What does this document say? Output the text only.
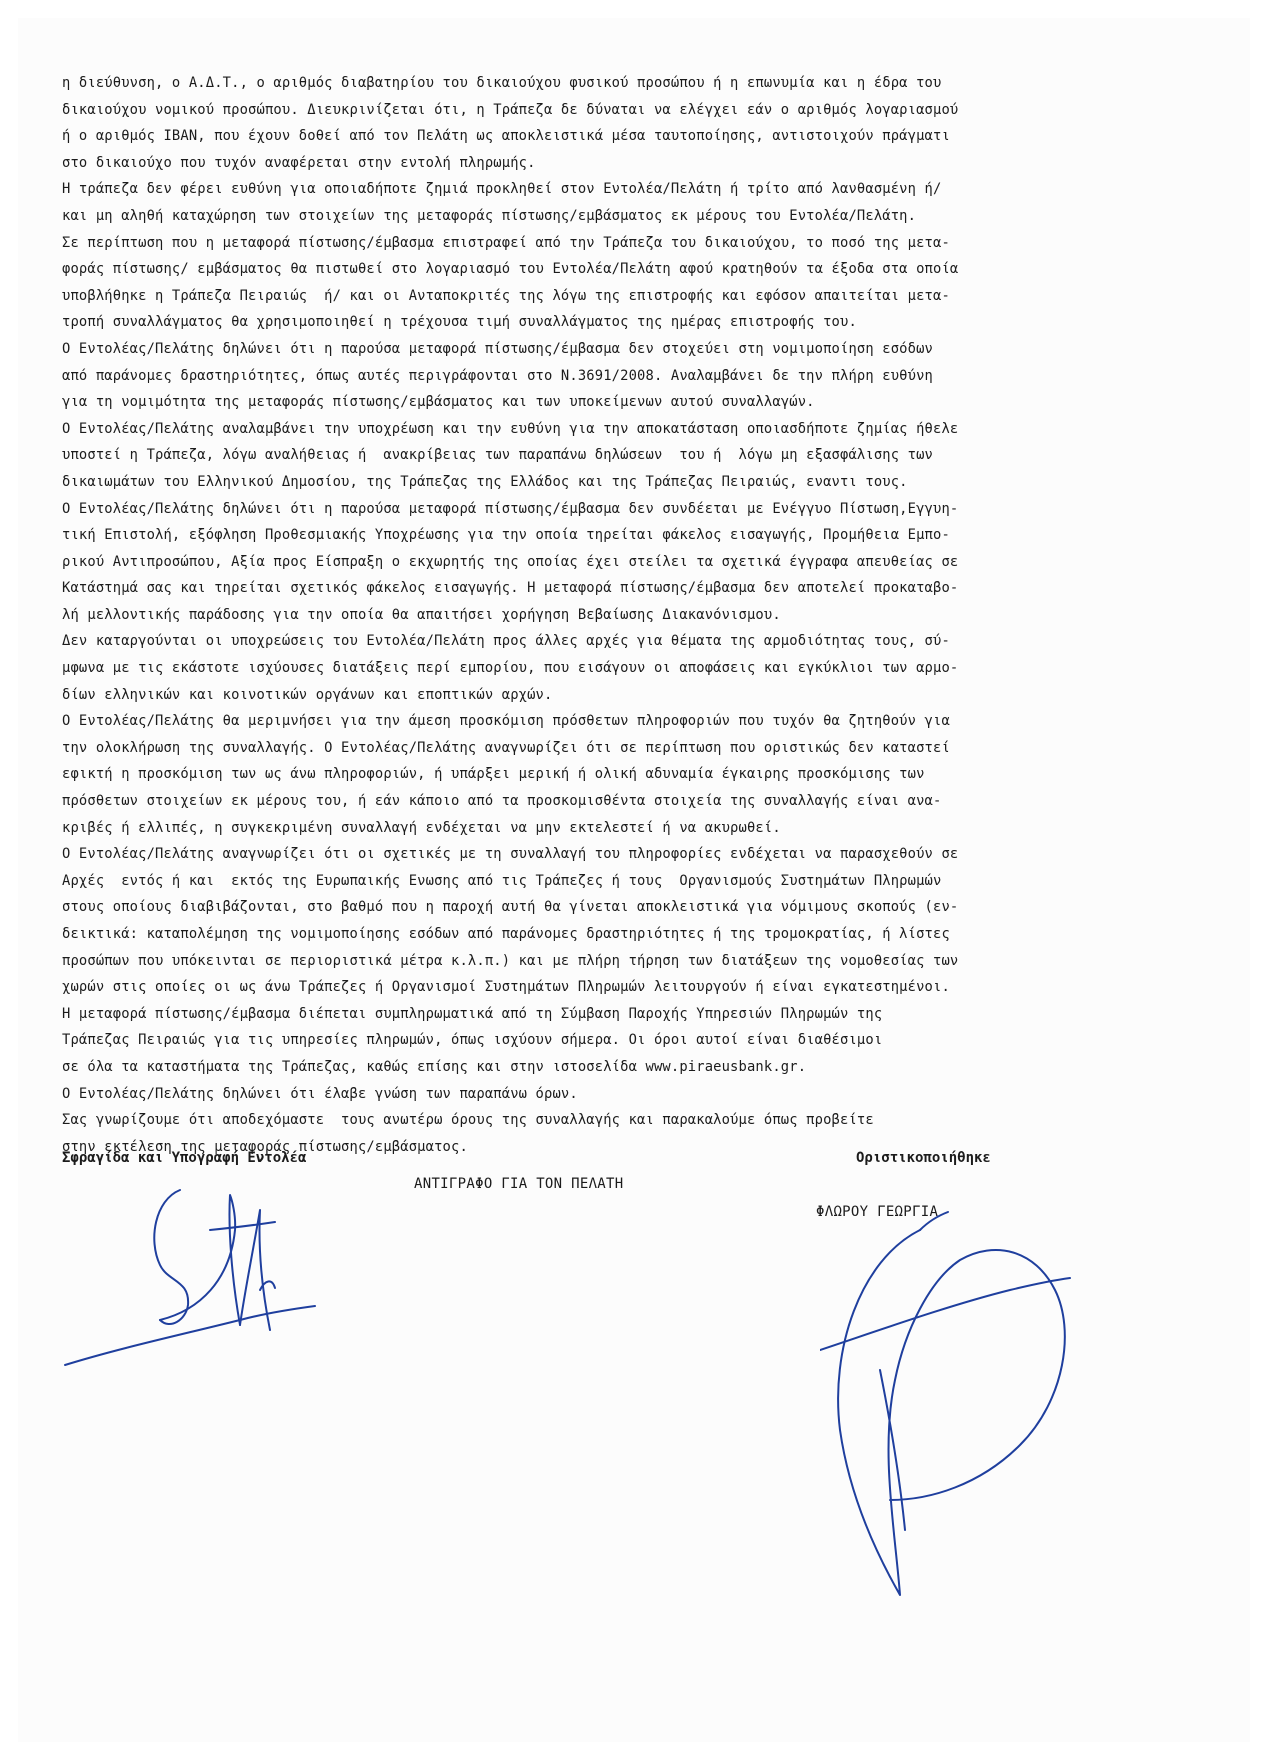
η διεύθυνση, ο Α.Δ.Τ., ο αριθμός διαβατηρίου του δικαιούχου φυσικού προσώπου ή η επωνυμία και η έδρα του
δικαιούχου νομικού προσώπου. Διευκρινίζεται ότι, η Τράπεζα δε δύναται να ελέγχει εάν ο αριθμός λογαριασμού
ή ο αριθμός IBAN, που έχουν δοθεί από τον Πελάτη ως αποκλειστικά μέσα ταυτοποίησης, αντιστοιχούν πράγματι
στο δικαιούχο που τυχόν αναφέρεται στην εντολή πληρωμής.
Η τράπεζα δεν φέρει ευθύνη για οποιαδήποτε ζημιά προκληθεί στον Εντολέα/Πελάτη ή τρίτο από λανθασμένη ή/
και μη αληθή καταχώρηση των στοιχείων της μεταφοράς πίστωσης/εμβάσματος εκ μέρους του Εντολέα/Πελάτη.
Σε περίπτωση που η μεταφορά πίστωσης/έμβασμα επιστραφεί από την Τράπεζα του δικαιούχου, το ποσό της μετα-
φοράς πίστωσης/ εμβάσματος θα πιστωθεί στο λογαριασμό του Εντολέα/Πελάτη αφού κρατηθούν τα έξοδα στα οποία
υποβλήθηκε η Τράπεζα Πειραιώς  ή/ και οι Ανταποκριτές της λόγω της επιστροφής και εφόσον απαιτείται μετα-
τροπή συναλλάγματος θα χρησιμοποιηθεί η τρέχουσα τιμή συναλλάγματος της ημέρας επιστροφής του.
Ο Εντολέας/Πελάτης δηλώνει ότι η παρούσα μεταφορά πίστωσης/έμβασμα δεν στοχεύει στη νομιμοποίηση εσόδων
από παράνομες δραστηριότητες, όπως αυτές περιγράφονται στο Ν.3691/2008. Αναλαμβάνει δε την πλήρη ευθύνη
για τη νομιμότητα της μεταφοράς πίστωσης/εμβάσματος και των υποκείμενων αυτού συναλλαγών.
Ο Εντολέας/Πελάτης αναλαμβάνει την υποχρέωση και την ευθύνη για την αποκατάσταση οποιασδήποτε ζημίας ήθελε
υποστεί η Τράπεζα, λόγω αναλήθειας ή  ανακρίβειας των παραπάνω δηλώσεων  του ή  λόγω μη εξασφάλισης των
δικαιωμάτων του Ελληνικού Δημοσίου, της Τράπεζας της Ελλάδος και της Τράπεζας Πειραιώς, εναντι τους.
Ο Εντολέας/Πελάτης δηλώνει ότι η παρούσα μεταφορά πίστωσης/έμβασμα δεν συνδέεται με Ενέγγυο Πίστωση,Εγγυη-
τική Επιστολή, εξόφληση Προθεσμιακής Υποχρέωσης για την οποία τηρείται φάκελος εισαγωγής, Προμήθεια Εμπο-
ρικού Αντιπροσώπου, Αξία προς Είσπραξη ο εκχωρητής της οποίας έχει στείλει τα σχετικά έγγραφα απευθείας σε
Κατάστημά σας και τηρείται σχετικός φάκελος εισαγωγής. Η μεταφορά πίστωσης/έμβασμα δεν αποτελεί προκαταβο-
λή μελλοντικής παράδοσης για την οποία θα απαιτήσει χορήγηση Βεβαίωσης Διακανόνισμου.
Δεν καταργούνται οι υποχρεώσεις του Εντολέα/Πελάτη προς άλλες αρχές για θέματα της αρμοδιότητας τους, σύ-
μφωνα με τις εκάστοτε ισχύουσες διατάξεις περί εμπορίου, που εισάγουν οι αποφάσεις και εγκύκλιοι των αρμο-
δίων ελληνικών και κοινοτικών οργάνων και εποπτικών αρχών.
Ο Εντολέας/Πελάτης θα μεριμνήσει για την άμεση προσκόμιση πρόσθετων πληροφοριών που τυχόν θα ζητηθούν για
την ολοκλήρωση της συναλλαγής. Ο Εντολέας/Πελάτης αναγνωρίζει ότι σε περίπτωση που οριστικώς δεν καταστεί
εφικτή η προσκόμιση των ως άνω πληροφοριών, ή υπάρξει μερική ή ολική αδυναμία έγκαιρης προσκόμισης των
πρόσθετων στοιχείων εκ μέρους του, ή εάν κάποιο από τα προσκομισθέντα στοιχεία της συναλλαγής είναι ανα-
κριβές ή ελλιπές, η συγκεκριμένη συναλλαγή ενδέχεται να μην εκτελεστεί ή να ακυρωθεί.
Ο Εντολέας/Πελάτης αναγνωρίζει ότι οι σχετικές με τη συναλλαγή του πληροφορίες ενδέχεται να παρασχεθούν σε
Αρχές  εντός ή και  εκτός της Ευρωπαικής Ενωσης από τις Τράπεζες ή τους  Οργανισμούς Συστημάτων Πληρωμών
στους οποίους διαβιβάζονται, στο βαθμό που η παροχή αυτή θα γίνεται αποκλειστικά για νόμιμους σκοπούς (εν-
δεικτικά: καταπολέμηση της νομιμοποίησης εσόδων από παράνομες δραστηριότητες ή της τρομοκρατίας, ή λίστες
προσώπων που υπόκεινται σε περιοριστικά μέτρα κ.λ.π.) και με πλήρη τήρηση των διατάξεων της νομοθεσίας των
χωρών στις οποίες οι ως άνω Τράπεζες ή Οργανισμοί Συστημάτων Πληρωμών λειτουργούν ή είναι εγκατεστημένοι.
Η μεταφορά πίστωσης/έμβασμα διέπεται συμπληρωματικά από τη Σύμβαση Παροχής Υπηρεσιών Πληρωμών της
Τράπεζας Πειραιώς για τις υπηρεσίες πληρωμών, όπως ισχύουν σήμερα. Οι όροι αυτοί είναι διαθέσιμοι
σε όλα τα καταστήματα της Τράπεζας, καθώς επίσης και στην ιστοσελίδα www.piraeusbank.gr.
Ο Εντολέας/Πελάτης δηλώνει ότι έλαβε γνώση των παραπάνω όρων.
Σας γνωρίζουμε ότι αποδεχόμαστε  τους ανωτέρω όρους της συναλλαγής και παρακαλούμε όπως προβείτε
στην εκτέλεση της μεταφοράς πίστωσης/εμβάσματος.
Σφραγίδα και Υπογραφή Εντολέα
ΑΝΤΙΓΡΑΦΟ ΓΙΑ ΤΟΝ ΠΕΛΑΤΗ
Οριστικοποιήθηκε
ΦΛΩΡΟΥ ΓΕΩΡΓΙΑ
